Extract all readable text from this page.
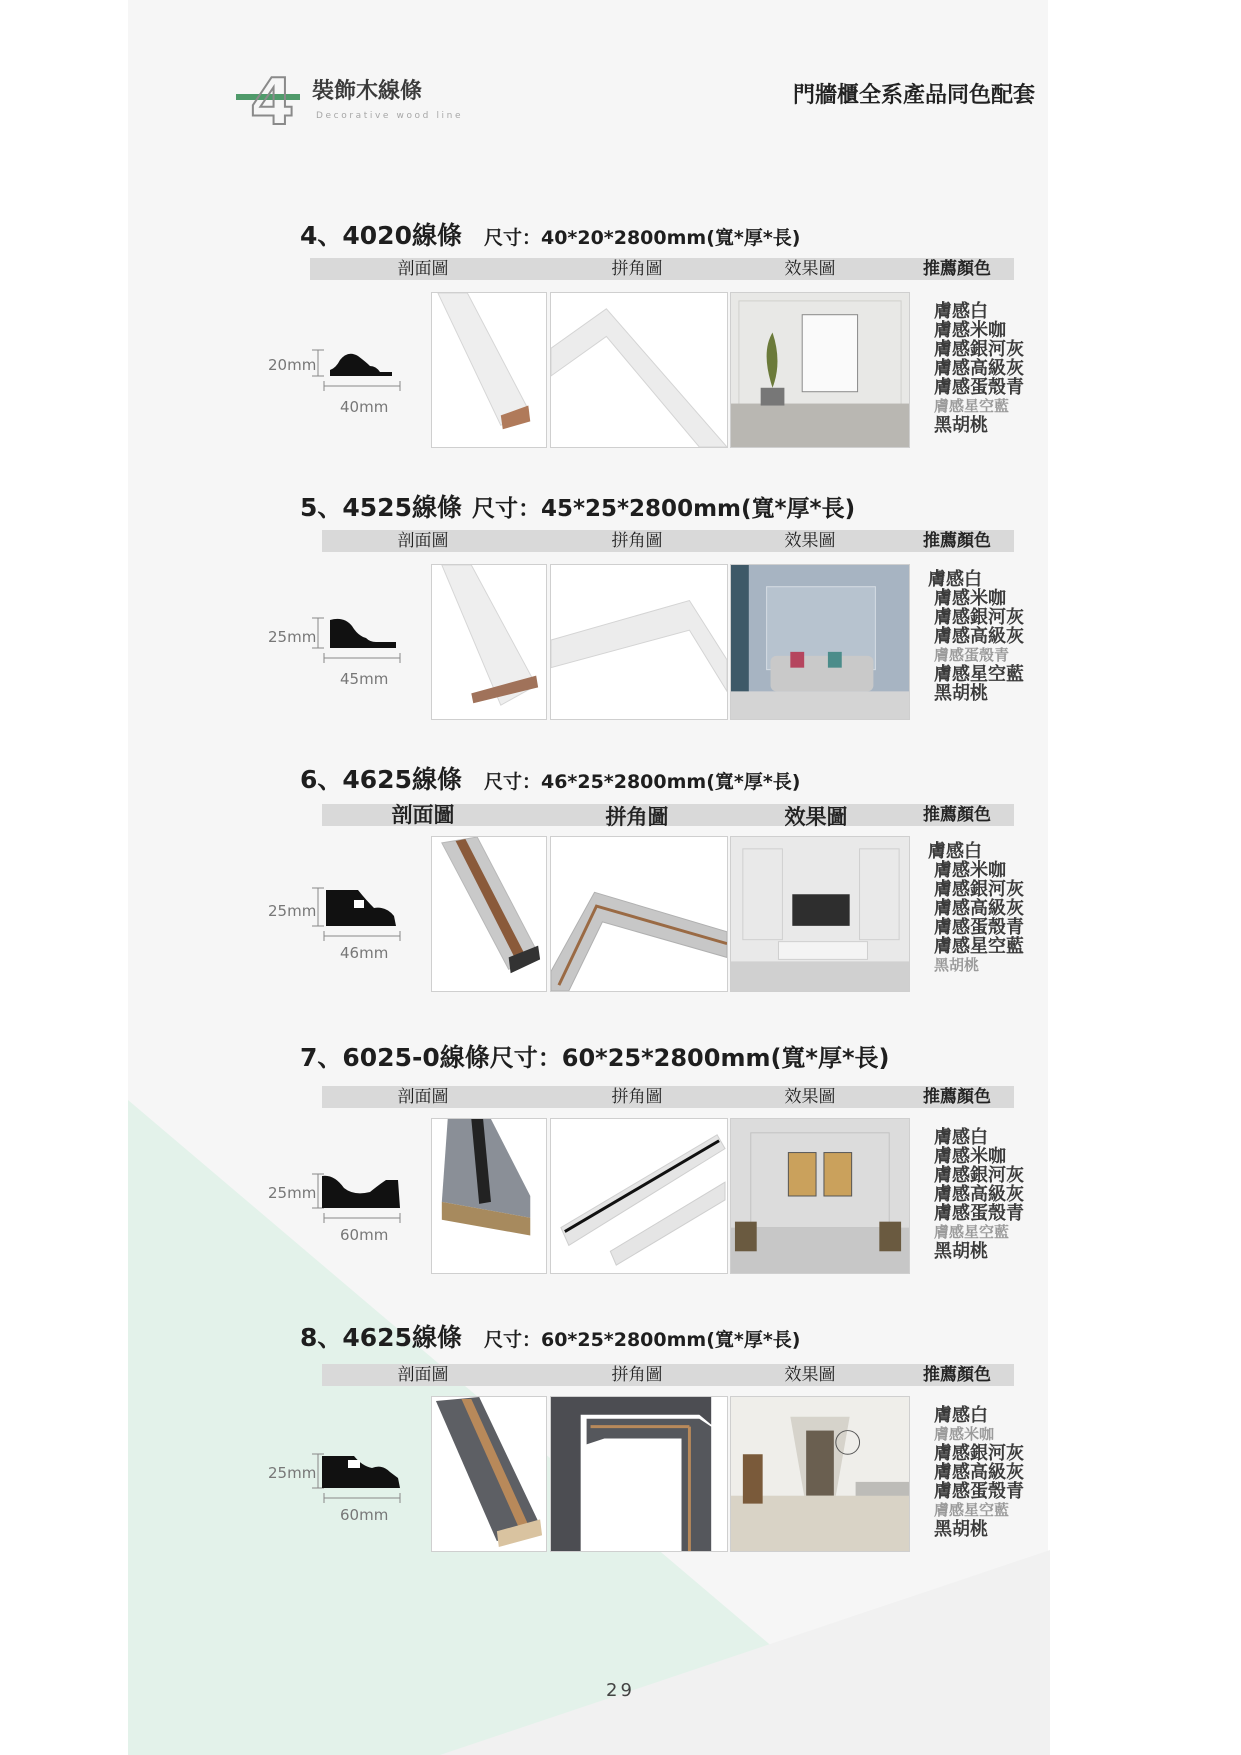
4 裝飾木線條
Decorative wood line
門牆櫃全系產品同色配套
4、4020線條 尺寸：40*20*2800mm(寬*厚*長)
剖面圖	拼角圖	效果圖	推薦顏色
20mm
40mm
膚感白
膚感米咖
膚感銀河灰
膚感高級灰
膚感蛋殼青
膚感星空藍
黑胡桃
5、4525線條 尺寸：45*25*2800mm(寬*厚*長)
剖面圖	拼角圖	效果圖	推薦顏色
25mm
45mm
膚感白
膚感米咖
膚感銀河灰
膚感高級灰
膚感蛋殼青
膚感星空藍
黑胡桃
6、4625線條 尺寸：46*25*2800mm(寬*厚*長)
剖面圖	拼角圖	效果圖	推薦顏色
25mm
46mm
膚感白
膚感米咖
膚感銀河灰
膚感高級灰
膚感蛋殼青
膚感星空藍
黑胡桃
7、6025-0線條尺寸：60*25*2800mm(寬*厚*長)
剖面圖	拼角圖	效果圖	推薦顏色
25mm
60mm
膚感白
膚感米咖
膚感銀河灰
膚感高級灰
膚感蛋殼青
膚感星空藍
黑胡桃
8、4625線條 尺寸：60*25*2800mm(寬*厚*長)
剖面圖	拼角圖	效果圖	推薦顏色
25mm
60mm
膚感白
膚感米咖
膚感銀河灰
膚感高級灰
膚感蛋殼青
膚感星空藍
黑胡桃
29
